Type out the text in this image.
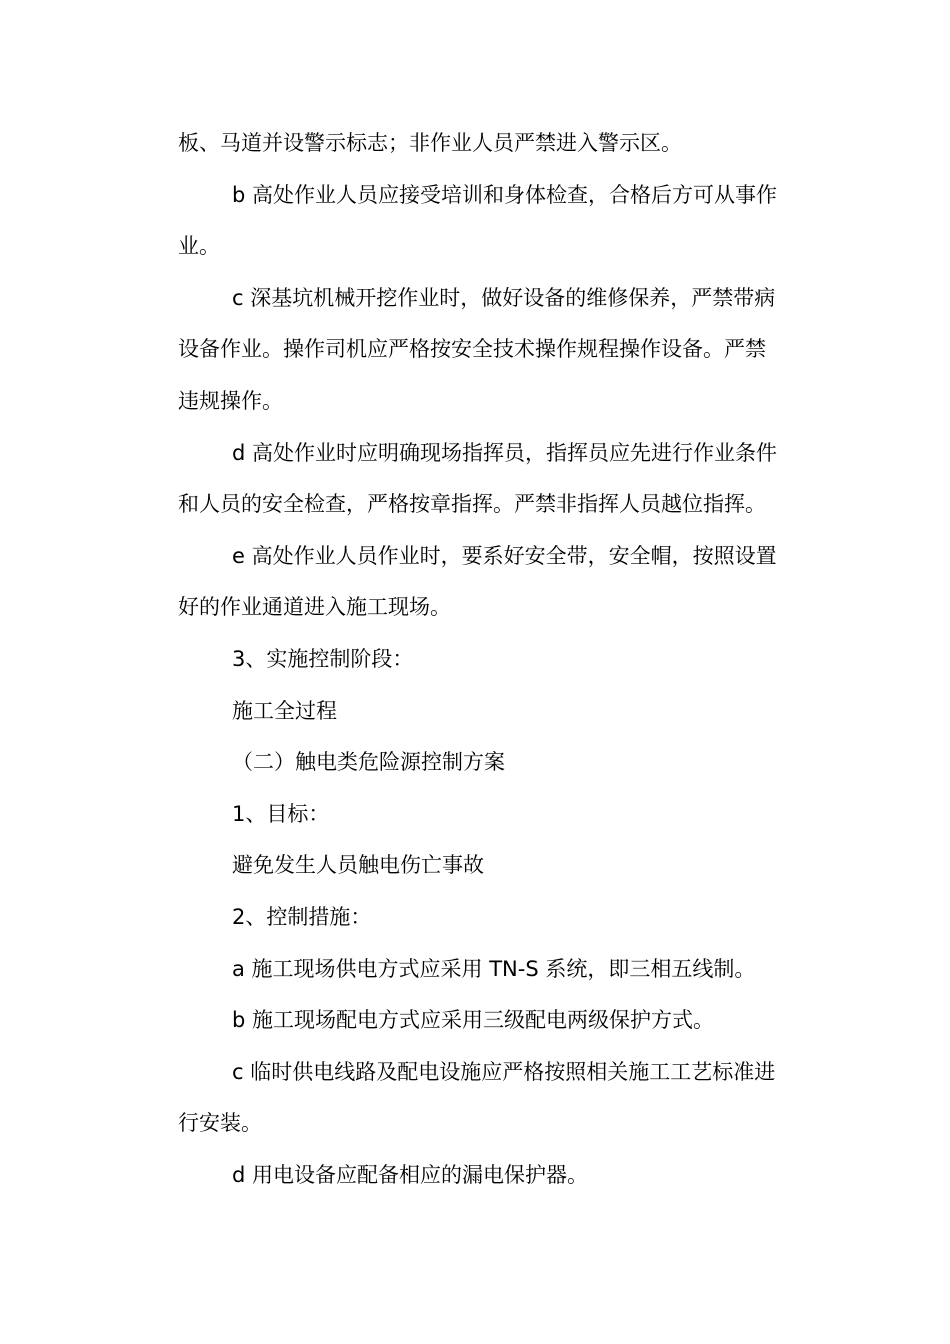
板、马道并设警示标志；非作业人员严禁进入警示区。
b 高处作业人员应接受培训和身体检查，合格后方可从事作
业。
c 深基坑机械开挖作业时，做好设备的维修保养，严禁带病
设备作业。操作司机应严格按安全技术操作规程操作设备。严禁
违规操作。
d 高处作业时应明确现场指挥员，指挥员应先进行作业条件
和人员的安全检查，严格按章指挥。严禁非指挥人员越位指挥。
e 高处作业人员作业时，要系好安全带，安全帽，按照设置
好的作业通道进入施工现场。
3、实施控制阶段：
施工全过程
（二）触电类危险源控制方案
1、目标：
避免发生人员触电伤亡事故
2、控制措施：
a 施工现场供电方式应采用 TN-S 系统，即三相五线制。
b 施工现场配电方式应采用三级配电两级保护方式。
c 临时供电线路及配电设施应严格按照相关施工工艺标准进
行安装。
d 用电设备应配备相应的漏电保护器。
